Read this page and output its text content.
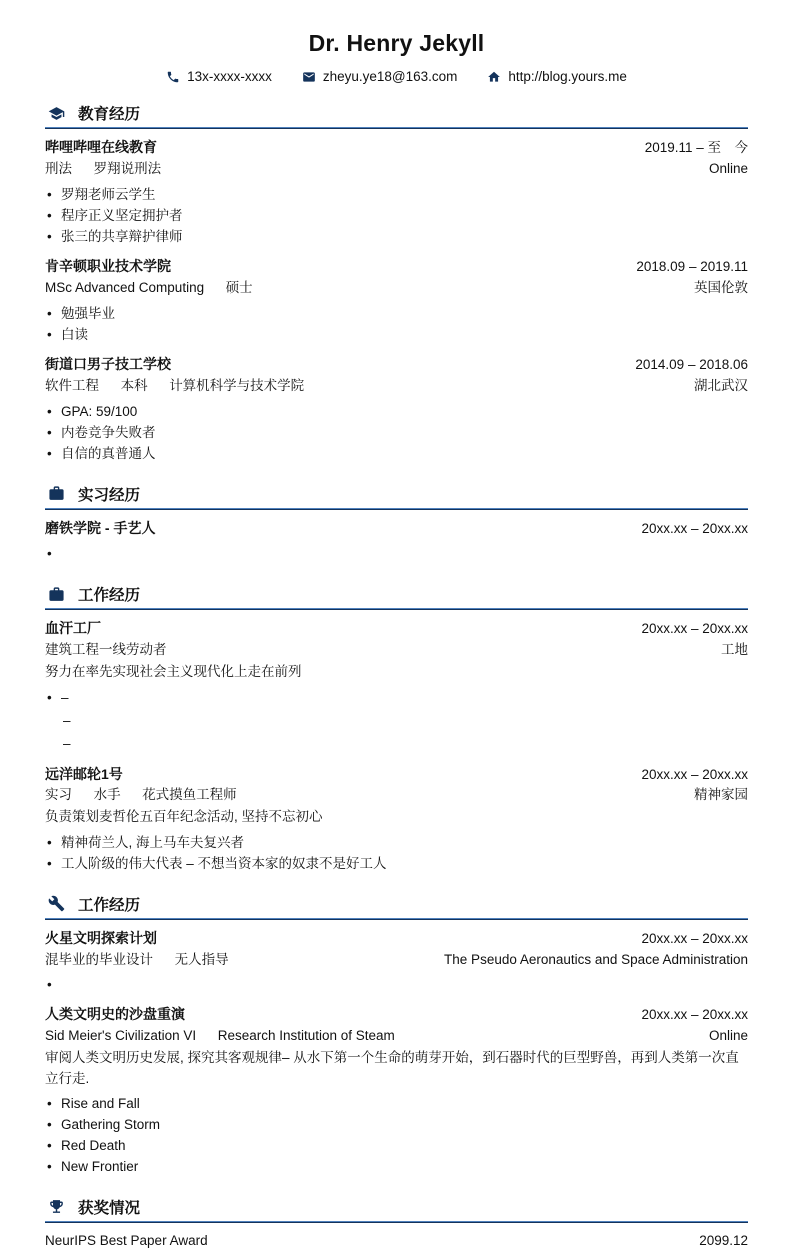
Dr. Henry Jekyll
13x-xxxx-xxxx	zheyu.ye18@163.com	http://blog.yours.me
教育经历
哔哩哔哩在线教育	2019.11 – 至　今
刑法 罗翔说刑法	Online
• 罗翔老师云学生
• 程序正义坚定拥护者
• 张三的共享辩护律师
肯辛顿职业技术学院	2018.09 – 2019.11
MSc Advanced Computing 硕士	英国伦敦
• 勉强毕业
• 白读
街道口男子技工学校	2014.09 – 2018.06
软件工程 本科 计算机科学与技术学院	湖北武汉
• GPA: 59/100
• 内卷竞争失败者
• 自信的真普通人
实习经历
磨铁学院 - 手艺人	20xx.xx – 20xx.xx
•
工作经历
血汗工厂	20xx.xx – 20xx.xx
建筑工程一线劳动者	工地
努力在率先实现社会主义现代化上走在前列
• –
–
–
远洋邮轮1号	20xx.xx – 20xx.xx
实习 水手 花式摸鱼工程师	精神家园
负责策划麦哲伦五百年纪念活动, 坚持不忘初心
• 精神荷兰人, 海上马车夫复兴者
• 工人阶级的伟大代表 – 不想当资本家的奴隶不是好工人
工作经历
火星文明探索计划	20xx.xx – 20xx.xx
混毕业的毕业设计 无人指导	The Pseudo Aeronautics and Space Administration
•
人类文明史的沙盘重演	20xx.xx – 20xx.xx
Sid Meier's Civilization VI Research Institution of Steam	Online
审阅人类文明历史发展, 探究其客观规律– 从水下第一个生命的萌芽开始，到石器时代的巨型野兽，再到人类第一次直立行走.
• Rise and Fall
• Gathering Storm
• Red Death
• New Frontier
获奖情况
NeurIPS Best Paper Award	2099.12
